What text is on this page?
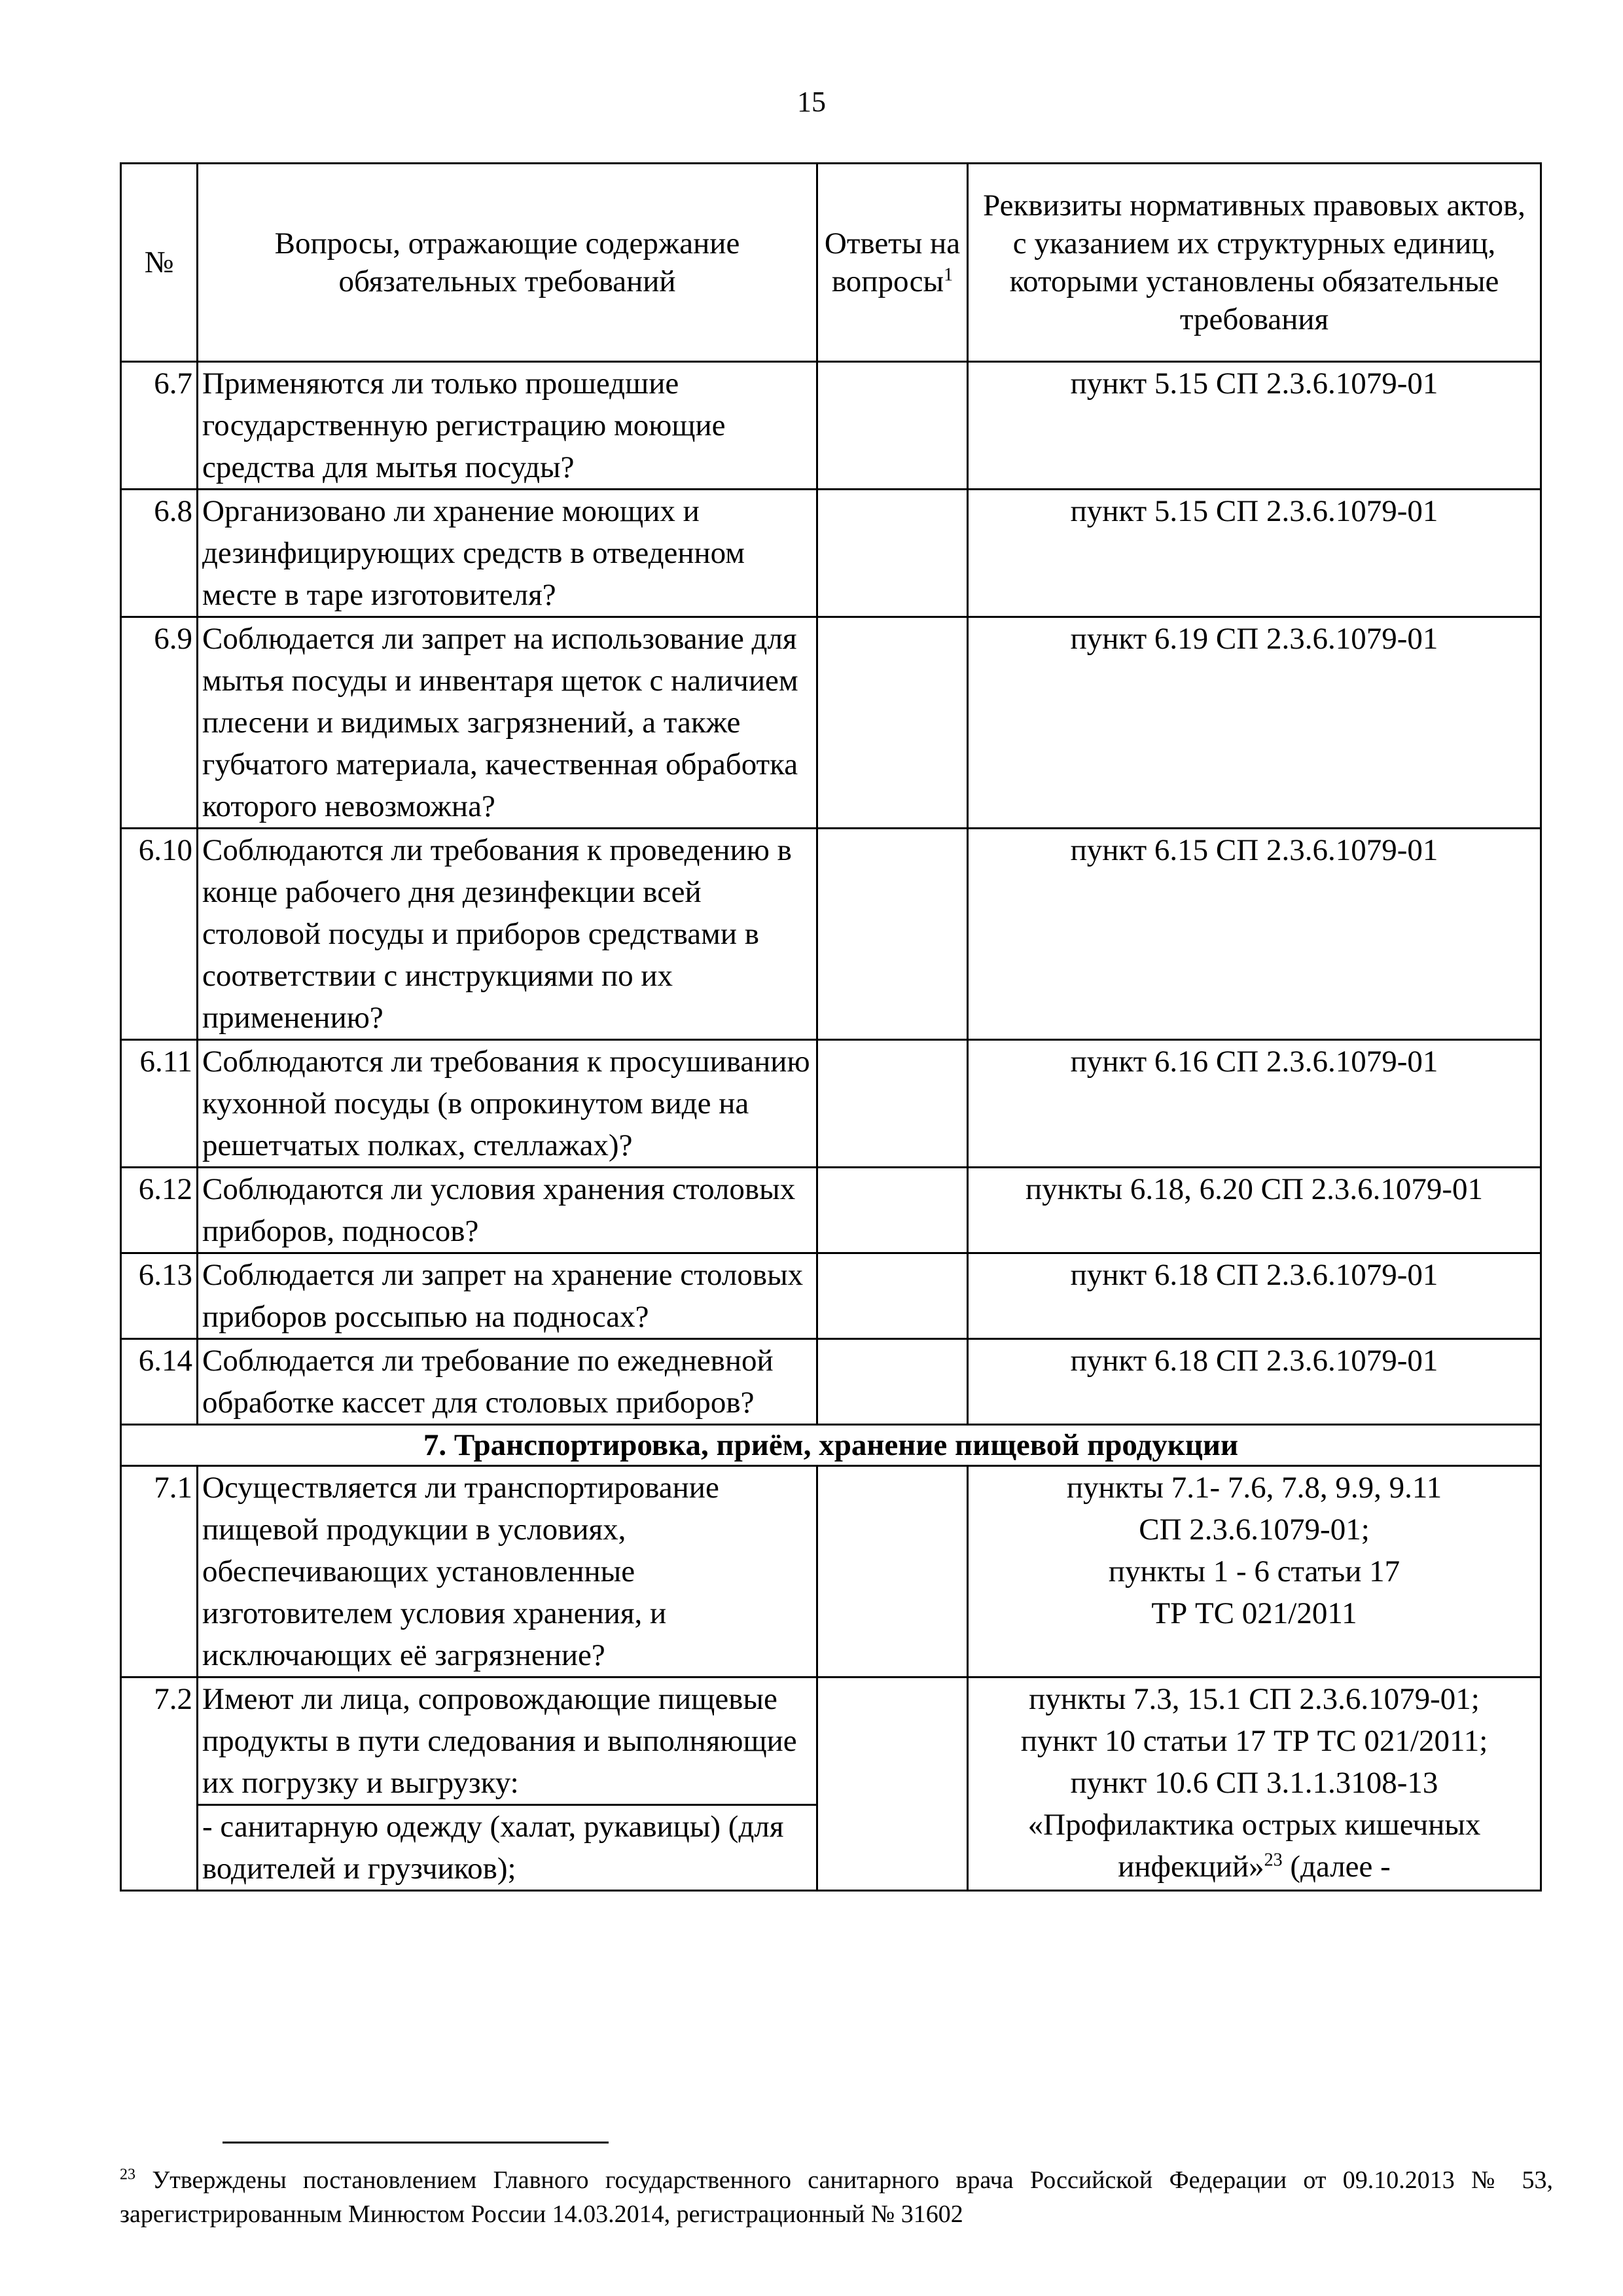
15
№	Вопросы, отражающие содержание обязательных требований	Ответы на вопросы$^1$	Реквизиты нормативных правовых актов, с указанием их структурных единиц, которыми установлены обязательные требования
6.7	Применяются ли только прошедшие государственную регистрацию моющие средства для мытья посуды?		пункт 5.15 СП 2.3.6.1079-01
6.8	Организовано ли хранение моющих и дезинфицирующих средств в отведенном месте в таре изготовителя?		пункт 5.15 СП 2.3.6.1079-01
6.9	Соблюдается ли запрет на использование для мытья посуды и инвентаря щеток с наличием плесени и видимых загрязнений, а также губчатого материала, качественная обработка которого невозможна?		пункт 6.19 СП 2.3.6.1079-01
6.10	Соблюдаются ли требования к проведению в конце рабочего дня дезинфекции всей столовой посуды и приборов средствами в соответствии с инструкциями по их применению?		пункт 6.15 СП 2.3.6.1079-01
6.11	Соблюдаются ли требования к просушиванию кухонной посуды (в опрокинутом виде на решетчатых полках, стеллажах)?		пункт 6.16 СП 2.3.6.1079-01
6.12	Соблюдаются ли условия хранения столовых приборов, подносов?		пункты 6.18, 6.20 СП 2.3.6.1079-01
6.13	Соблюдается ли запрет на хранение столовых приборов россыпью на подносах?		пункт 6.18 СП 2.3.6.1079-01
6.14	Соблюдается ли требование по ежедневной обработке кассет для столовых приборов?		пункт 6.18 СП 2.3.6.1079-01
7. Транспортировка, приём, хранение пищевой продукции			
7.1	Осуществляется ли транспортирование пищевой продукции в условиях, обеспечивающих установленные изготовителем условия хранения, и исключающих её загрязнение?		пункты 7.1- 7.6, 7.8, 9.9, 9.11
СП 2.3.6.1079-01;
пункты 1 - 6 статьи 17
ТР ТС 021/2011

7.2	Имеют ли лица, сопровождающие пищевые продукты в пути следования и выполняющие их погрузку и выгрузку:		пункты 7.3, 15.1 СП 2.3.6.1079-01;
пункт 10 статьи 17 ТР ТС 021/2011;
пункт 10.6 СП 3.1.1.3108-13
«Профилактика острых кишечных
инфекций»$^{23}$ (далее -

	- санитарную одежду (халат, рукавицы) (для водителей и грузчиков);		
$^{23}$ Утверждены постановлением Главного государственного санитарного врача Российской Федерации от 09.10.2013 № 53, зарегистрированным Минюстом России 14.03.2014, регистрационный № 31602
